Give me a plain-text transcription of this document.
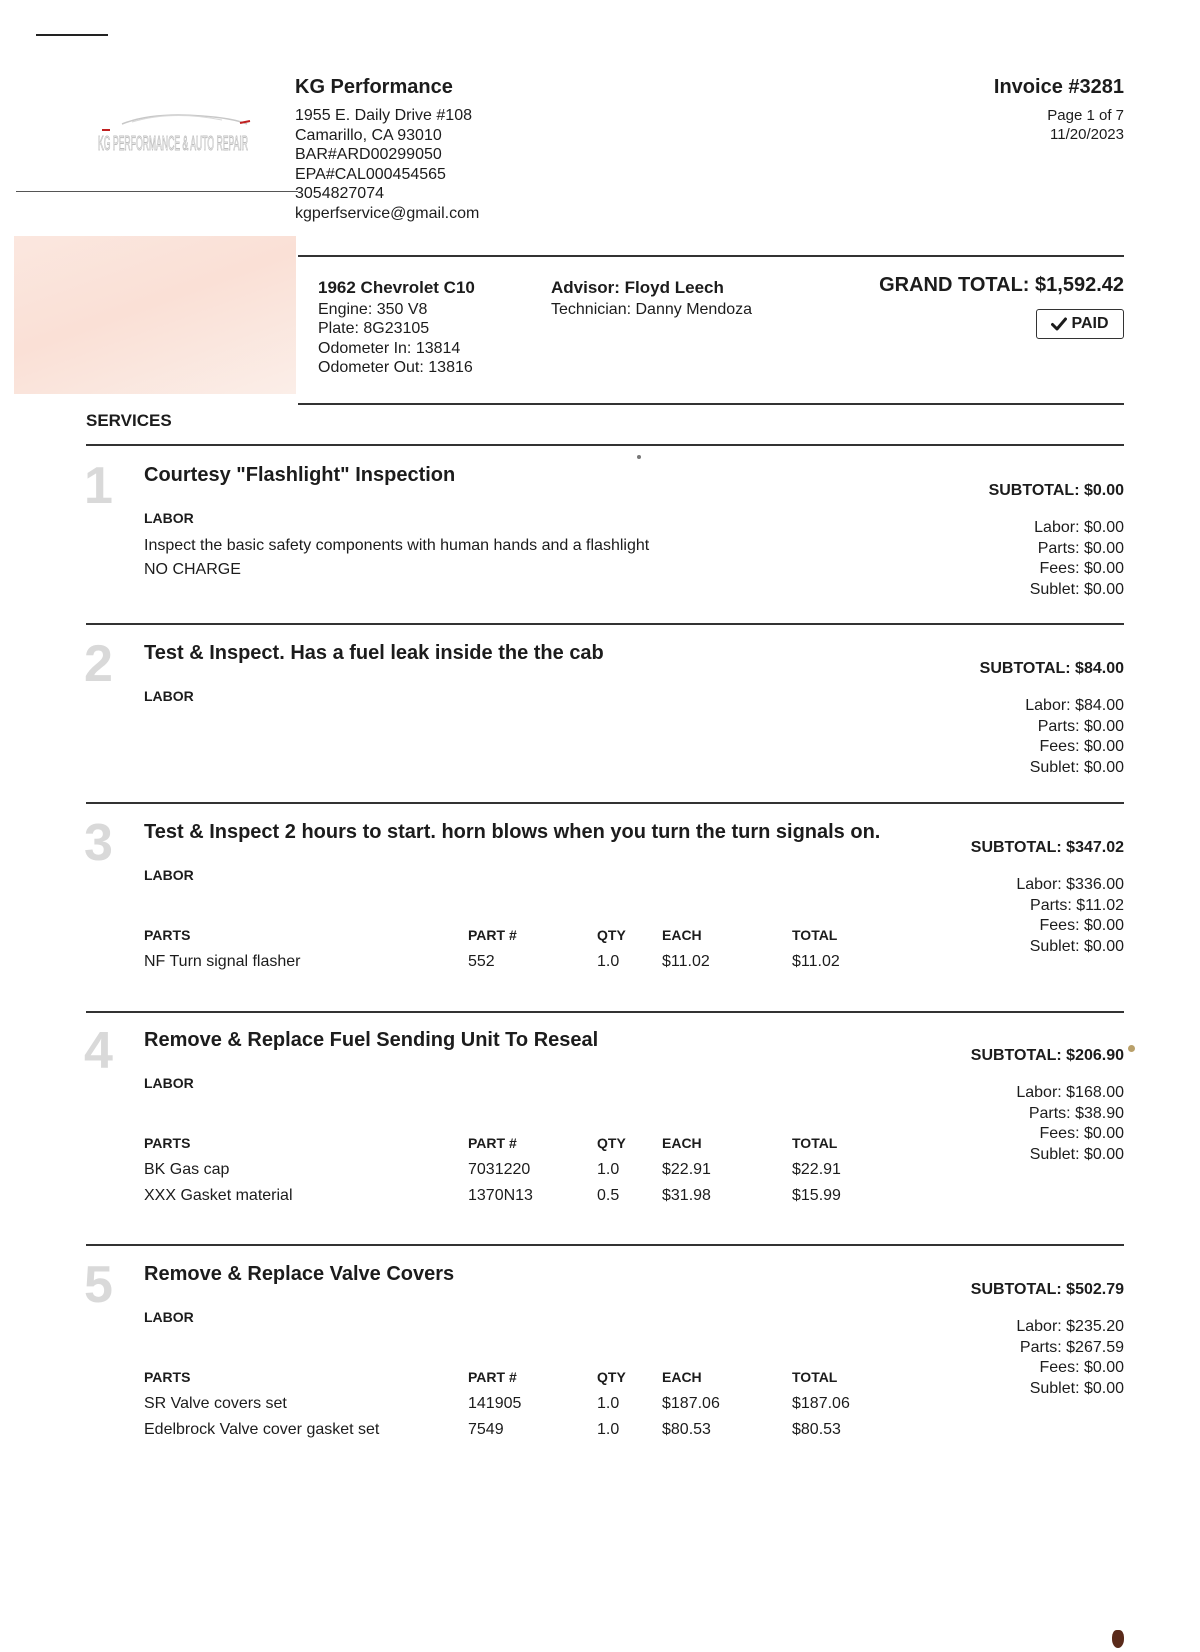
KG PERFORMANCE & AUTO REPAIR
KG Performance
1955 E. Daily Drive #108
Camarillo, CA 93010
BAR#ARD00299050
EPA#CAL000454565
3054827074
kgperfservice@gmail.com
Invoice #3281
Page 1 of 7
11/20/2023
1962 Chevrolet C10
Engine: 350 V8
Plate: 8G23105
Odometer In: 13814
Odometer Out: 13816
Advisor: Floyd Leech
Technician: Danny Mendoza
GRAND TOTAL: $1,592.42
PAID
SERVICES
1 Courtesy "Flashlight" Inspection
SUBTOTAL: $0.00
LABOR
Inspect the basic safety components with human hands and a flashlight
NO CHARGE
Labor: $0.00
Parts: $0.00
Fees: $0.00
Sublet: $0.00
2 Test & Inspect. Has a fuel leak inside the the cab
SUBTOTAL: $84.00
LABOR
Labor: $84.00
Parts: $0.00
Fees: $0.00
Sublet: $0.00
3 Test & Inspect 2 hours to start. horn blows when you turn the turn signals on.
SUBTOTAL: $347.02
LABOR
Labor: $336.00
Parts: $11.02
Fees: $0.00
Sublet: $0.00
PARTS	PART #	QTY	EACH	TOTAL
NF Turn signal flasher	552	1.0	$11.02	$11.02
4 Remove & Replace Fuel Sending Unit To Reseal
SUBTOTAL: $206.90
LABOR
Labor: $168.00
Parts: $38.90
Fees: $0.00
Sublet: $0.00
PARTS	PART #	QTY	EACH	TOTAL
BK Gas cap	7031220	1.0	$22.91	$22.91
XXX Gasket material	1370N13	0.5	$31.98	$15.99
5 Remove & Replace Valve Covers
SUBTOTAL: $502.79
LABOR
Labor: $235.20
Parts: $267.59
Fees: $0.00
Sublet: $0.00
PARTS	PART #	QTY	EACH	TOTAL
SR Valve covers set	141905	1.0	$187.06	$187.06
Edelbrock Valve cover gasket set	7549	1.0	$80.53	$80.53
